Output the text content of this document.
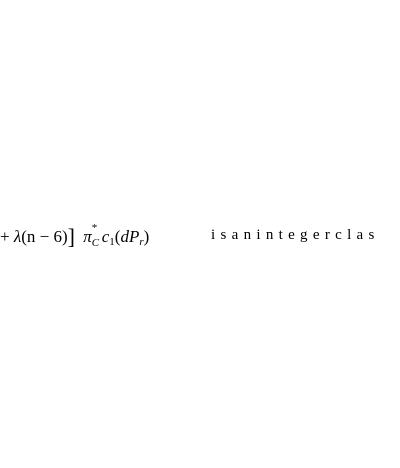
+ λ(n − 6)] π *
C c1(dPr)	isanintegerclas
